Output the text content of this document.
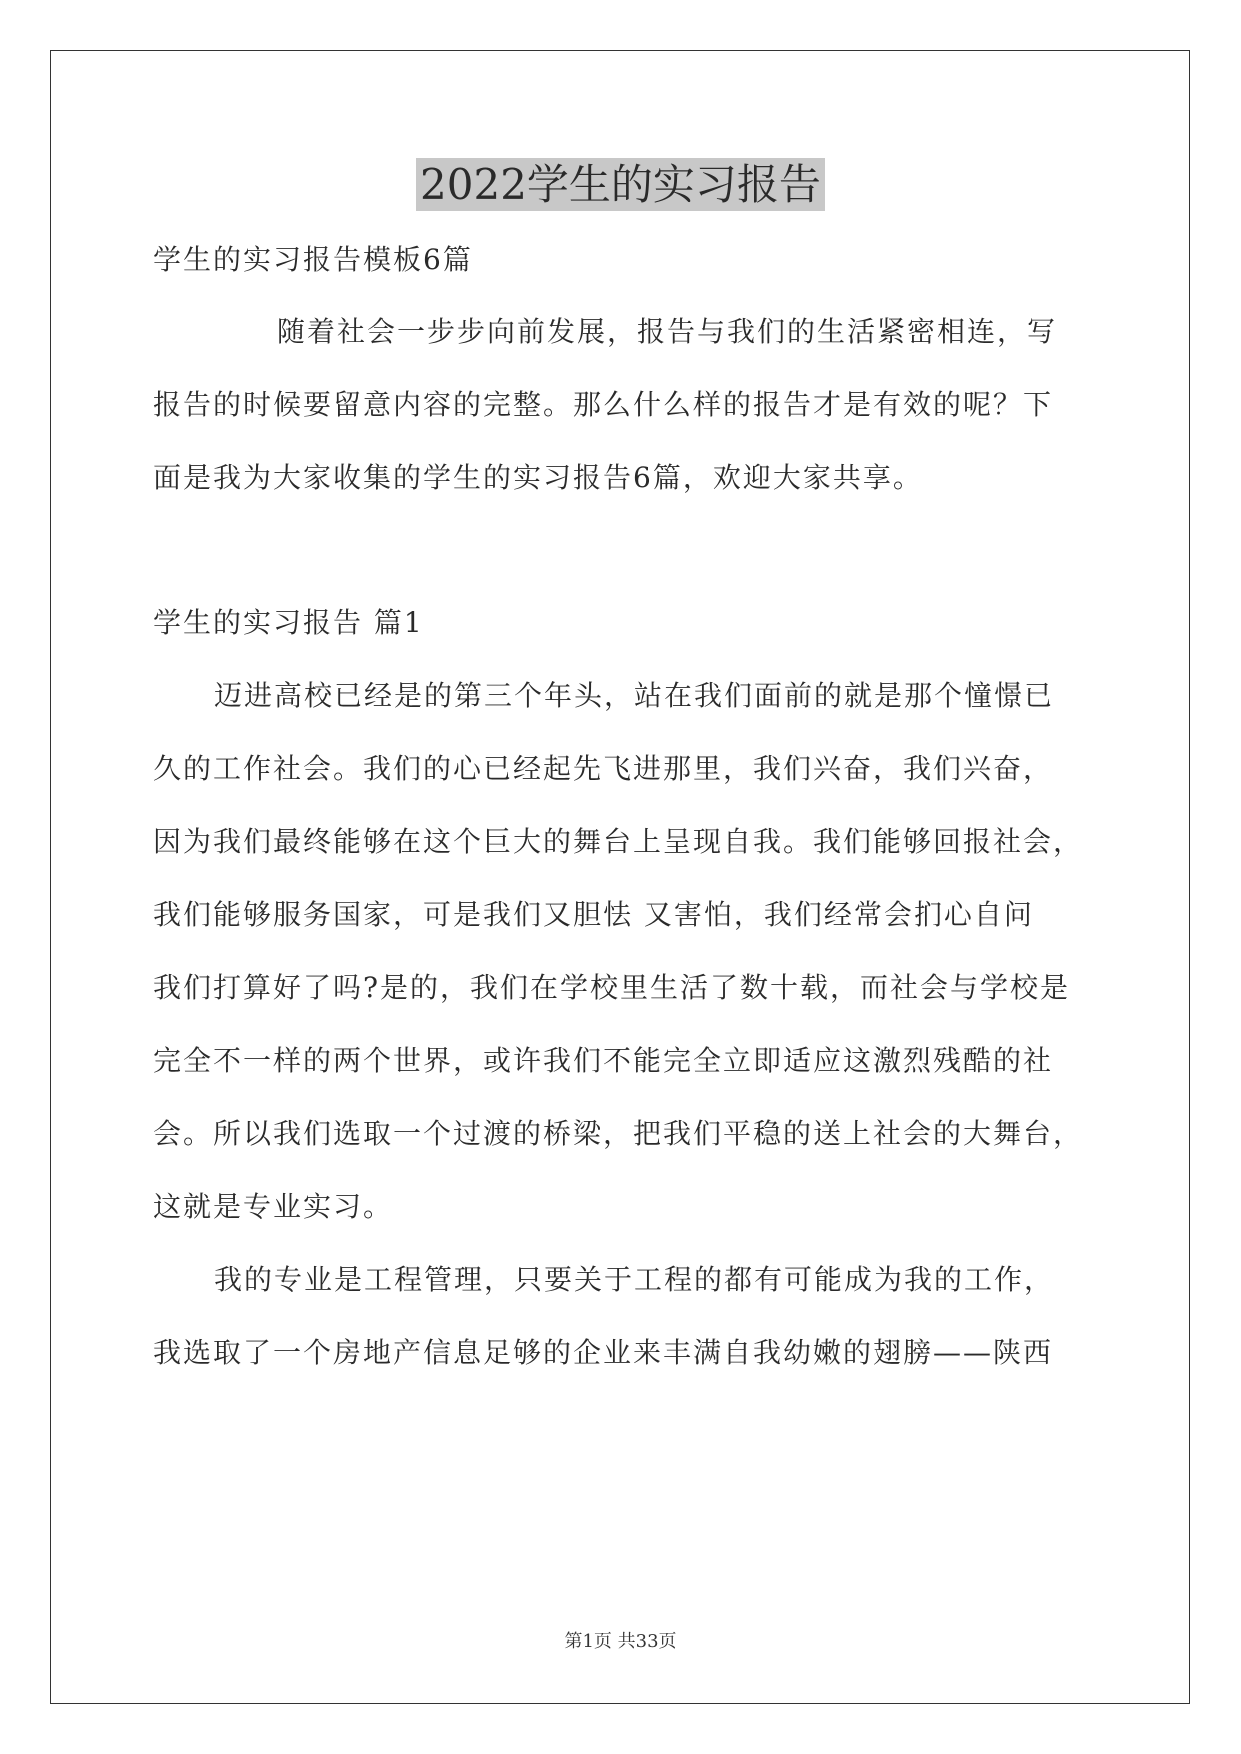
2022学生的实习报告
学生的实习报告模板6篇
随着社会一步步向前发展，报告与我们的生活紧密相连，写
报告的时候要留意内容的完整。那么什么样的报告才是有效的呢？下
面是我为大家收集的学生的实习报告6篇，欢迎大家共享。
学生的实习报告 篇1
迈进高校已经是的第三个年头，站在我们面前的就是那个憧憬已
久的工作社会。我们的心已经起先飞进那里，我们兴奋，我们兴奋，
因为我们最终能够在这个巨大的舞台上呈现自我。我们能够回报社会，
我们能够服务国家，可是我们又胆怯 又害怕，我们经常会扪心自问
我们打算好了吗?是的，我们在学校里生活了数十载，而社会与学校是
完全不一样的两个世界，或许我们不能完全立即适应这激烈残酷的社
会。所以我们选取一个过渡的桥梁，把我们平稳的送上社会的大舞台，
这就是专业实习。
我的专业是工程管理，只要关于工程的都有可能成为我的工作，
我选取了一个房地产信息足够的企业来丰满自我幼嫩的翅膀——陕西
第1页 共33页
